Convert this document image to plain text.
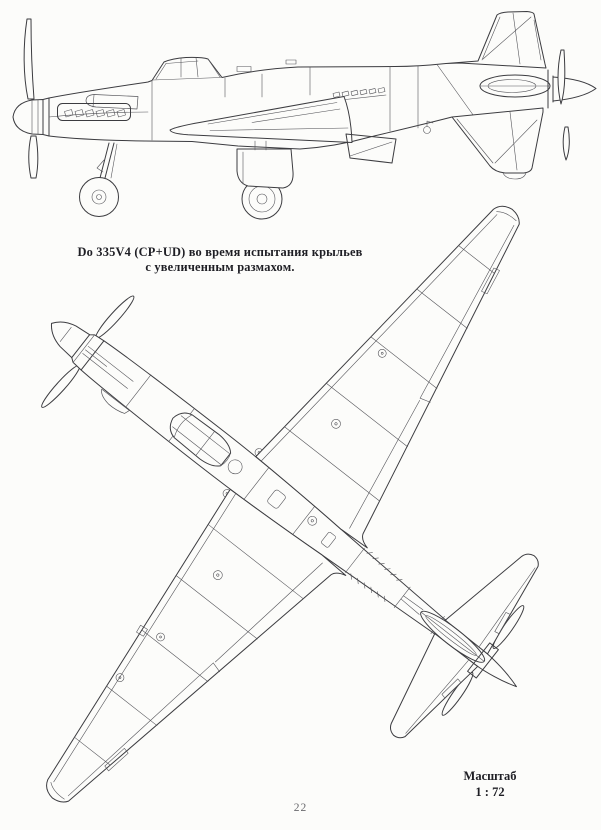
Do 335V4 (CP+UD) во время испытания крыльев
с увеличенным размахом.
Масштаб
1 : 72
22
